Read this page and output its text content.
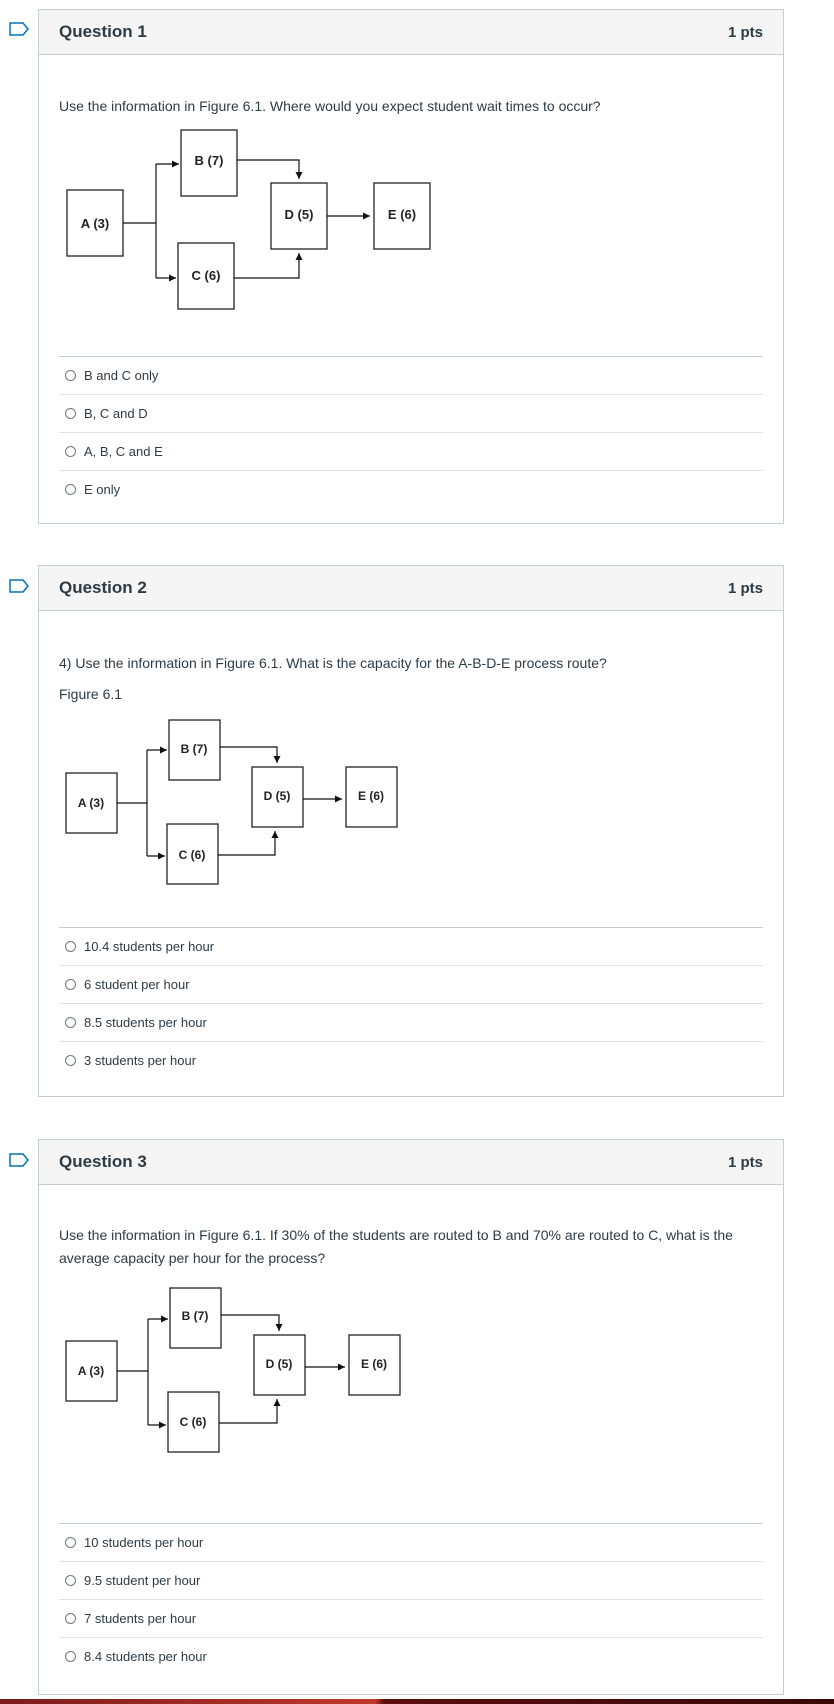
Question 1	1 pts

Use the information in Figure 6.1. Where would you expect student wait times to occur?

A (3)
B (7)
C (6)
D (5)	E (6)
B and C only
B, C and D
A, B, C and E
E only
Question 2	1 pts

4) Use the information in Figure 6.1. What is the capacity for the A-B-D-E process route?

Figure 6.1

A (3)
B (7)
C (6)
D (5)	E (6)
10.4 students per hour
6 student per hour
8.5 students per hour
3 students per hour
Question 3	1 pts

Use the information in Figure 6.1. If 30% of the students are routed to B and 70% are routed to C, what is the average capacity per hour for the process?

A (3)
B (7)
C (6)
D (5)	E (6)
10 students per hour
9.5 student per hour
7 students per hour
8.4 students per hour
